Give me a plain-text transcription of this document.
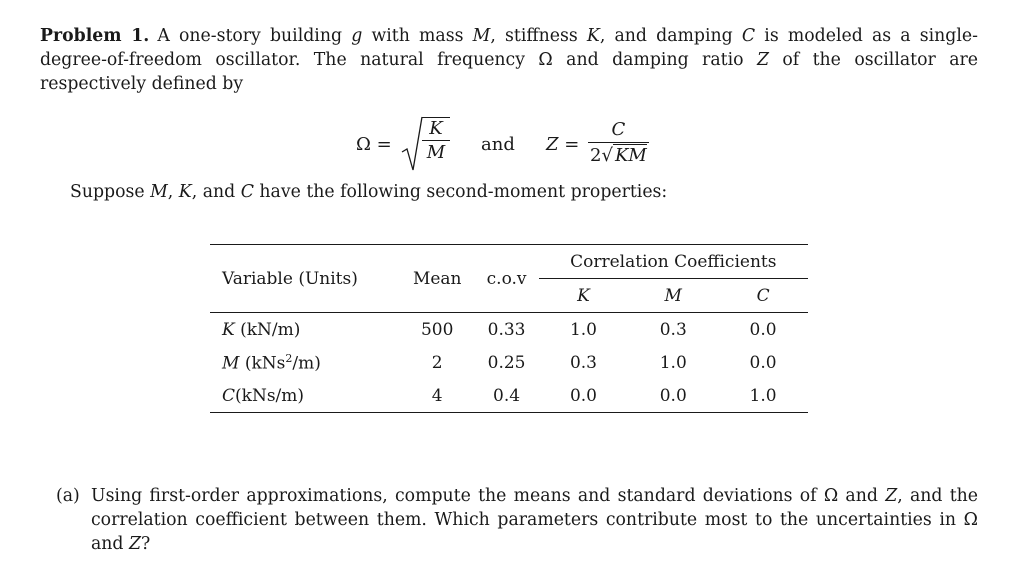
Problem 1. A one-story building g with mass M, stiffness K, and damping C is modeled as a single-degree-of-freedom oscillator. The natural frequency Ω and damping ratio Z of the oscillator are respectively defined by
$\Omega = \frac{K}{M}$ and $Z = \frac{C}{2√ KM}$
Suppose M, K, and C have the following second-moment properties:
Variable (Units)	Mean	c.o.v	Correlation Coefficients		
			K	M	C
K (kN/m)	500	0.33	1.0	0.3	0.0
M (kNs$^2$/m)	2	0.25	0.3	1.0	0.0
C(kNs/m)	4	0.4	0.0	0.0	1.0
(a) Using first-order approximations, compute the means and standard deviations of Ω and Z, and the correlation coefficient between them. Which parameters contribute most to the uncertainties in Ω and Z?
